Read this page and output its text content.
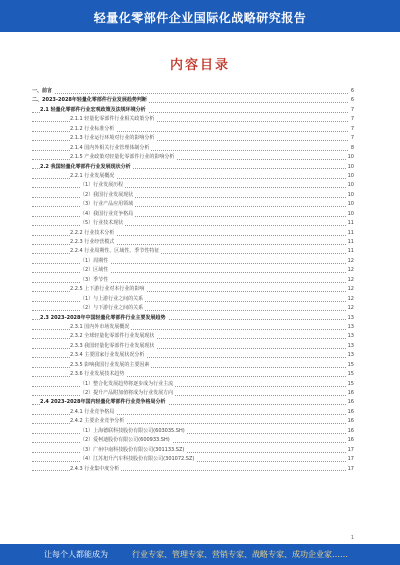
轻量化零部件企业国际化战略研究报告
内容目录
一、前言	6
二、2023-2028年轻量化零部件行业发展趋势判断	6
2.1 轻量化零部件行业宏观政策及法规环境分析	7
2.1.1 轻量化零部件行业相关政策分析	7
2.1.2 行业标准分析	7
2.1.3 行业运行环境对行业的影响分析	7
2.1.4 国内外相关行业管理体制分析	8
2.1.5 产业政策对轻量化零部件行业的影响分析	10
2.2 我国轻量化零部件行业发展现状分析	10
2.2.1 行业发展概况	10
（1）行业发展历程	10
（2）我国行业发展现状	10
（3）行业产品应用领域	10
（4）我国行业竞争格局	10
（5）行业技术现状	11
2.2.2 行业技术分析	11
2.2.3 行业经营模式	11
2.2.4 行业周期性、区域性、季节性特征	11
（1）周期性	12
（2）区域性	12
（3）季节性	12
2.2.5 上下游行业对本行业的影响	12
（1）与上游行业之间的关系	12
（2）与下游行业之间的关系	12
2.3 2023-2028年中国轻量化零部件行业主要发展趋势	13
2.3.1 国内外市场发展概况	13
2.3.2 全球轻量化零部件行业发展现状	13
2.3.3 我国轻量化零部件行业发展现状	13
2.3.4 主要国家行业发展状况分析	13
2.3.5 影响我国行业发展的主要因素	15
2.3.6 行业发展技术趋势	15
（1）整合化发展趋势将逐步成为行业主流	15
（2）提升产品附加值将成为行业发展方向	16
2.4 2023-2028年国内轻量化零部件行业竞争格局分析	16
2.4.1 行业竞争格局	16
2.4.2 主要企业竞争分析	16
（1）上海德联科技股份有限公司(603035.SH)	16
（2）爱柯迪股份有限公司(600933.SH)	16
（3）广州中南科技股份有限公司(301133.SZ)	17
（4）江苏旭升汽车科技股份有限公司(301072.SZ)	17
2.4.3 行业集中度分析	17
1
让每个人都能成为	行业专家、管理专家、营销专家、战略专家、成功企业家……
